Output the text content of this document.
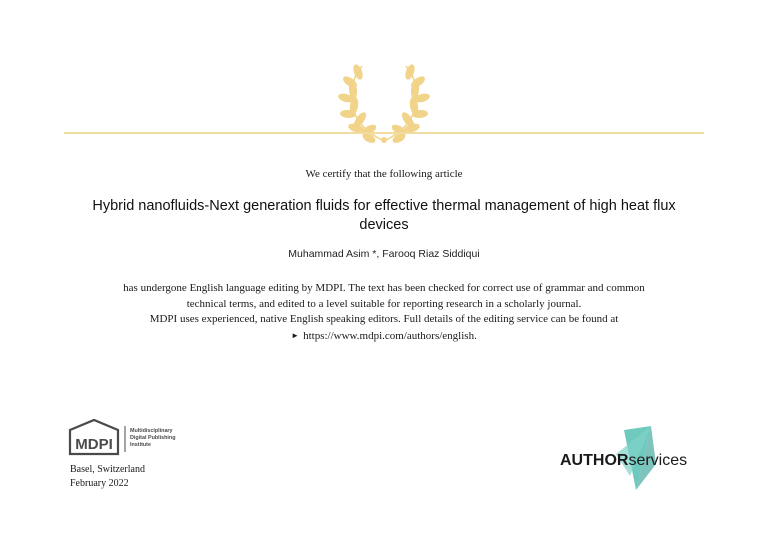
We certify that the following article
Hybrid nanofluids-Next generation fluids for effective thermal management of high heat flux devices
Muhammad Asim *, Farooq Riaz Siddiqui

has undergone English language editing by MDPI. The text has been checked for correct use of grammar and common

technical terms, and edited to a level suitable for reporting research in a scholarly journal.

MDPI uses experienced, native English speaking editors. Full details of the editing service can be found at

► https://www.mdpi.com/authors/english.

MDPI
Multidisciplinary
Digital Publishing
Institute
Basel, Switzerland
February 2022
AUTHORservices
